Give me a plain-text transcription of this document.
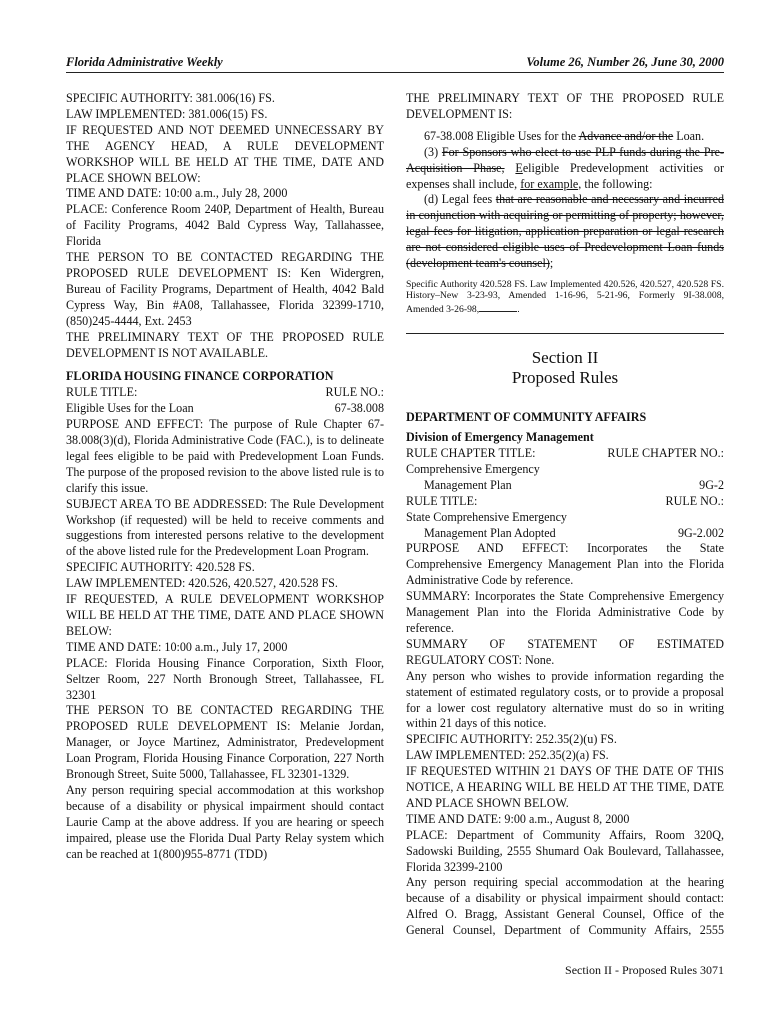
Florida Administrative Weekly	Volume 26, Number 26, June 30, 2000

SPECIFIC AUTHORITY: 381.006(16) FS.

LAW IMPLEMENTED: 381.006(15) FS.

IF REQUESTED AND NOT DEEMED UNNECESSARY BY THE AGENCY HEAD, A RULE DEVELOPMENT WORKSHOP WILL BE HELD AT THE TIME, DATE AND PLACE SHOWN BELOW:

TIME AND DATE: 10:00 a.m., July 28, 2000

PLACE: Conference Room 240P, Department of Health, Bureau of Facility Programs, 4042 Bald Cypress Way, Tallahassee, Florida

THE PERSON TO BE CONTACTED REGARDING THE PROPOSED RULE DEVELOPMENT IS: Ken Widergren, Bureau of Facility Programs, Department of Health, 4042 Bald Cypress Way, Bin #A08, Tallahassee, Florida 32399-1710, (850)245-4444, Ext. 2453

THE PRELIMINARY TEXT OF THE PROPOSED RULE DEVELOPMENT IS NOT AVAILABLE.

FLORIDA HOUSING FINANCE CORPORATION

RULE TITLE:	RULE NO.:
Eligible Uses for the Loan	67-38.008

PURPOSE AND EFFECT: The purpose of Rule Chapter 67-38.008(3)(d), Florida Administrative Code (FAC.), is to delineate legal fees eligible to be paid with Predevelopment Loan Funds. The purpose of the proposed revision to the above listed rule is to clarify this issue.

SUBJECT AREA TO BE ADDRESSED: The Rule Development Workshop (if requested) will be held to receive comments and suggestions from interested persons relative to the development of the above listed rule for the Predevelopment Loan Program.

SPECIFIC AUTHORITY: 420.528 FS.

LAW IMPLEMENTED: 420.526, 420.527, 420.528 FS.

IF REQUESTED, A RULE DEVELOPMENT WORKSHOP WILL BE HELD AT THE TIME, DATE AND PLACE SHOWN BELOW:

TIME AND DATE: 10:00 a.m., July 17, 2000

PLACE: Florida Housing Finance Corporation, Sixth Floor, Seltzer Room, 227 North Bronough Street, Tallahassee, FL 32301

THE PERSON TO BE CONTACTED REGARDING THE PROPOSED RULE DEVELOPMENT IS: Melanie Jordan, Manager, or Joyce Martinez, Administrator, Predevelopment Loan Program, Florida Housing Finance Corporation, 227 North Bronough Street, Suite 5000, Tallahassee, FL 32301-1329.

Any person requiring special accommodation at this workshop because of a disability or physical impairment should contact Laurie Camp at the above address. If you are hearing or speech impaired, please use the Florida Dual Party Relay system which can be reached at 1(800)955-8771 (TDD)

THE PRELIMINARY TEXT OF THE PROPOSED RULE DEVELOPMENT IS:

67-38.008 Eligible Uses for the Advance and/or the Loan.

(3) For Sponsors who elect to use PLP funds during the Pre-Acquisition Phase, Eeligible Predevelopment activities or expenses shall include, for example, the following:

(d) Legal fees that are reasonable and necessary and incurred in conjunction with acquiring or permitting of property; however, legal fees for litigation, application preparation or legal research are not considered eligible uses of Predevelopment Loan funds (development team's counsel);

Specific Authority 420.528 FS. Law Implemented 420.526, 420.527, 420.528 FS. History–New 3-23-93, Amended 1-16-96, 5-21-96, Formerly 9I-38.008, Amended 3-26-98,	.

Section II
Proposed Rules

DEPARTMENT OF COMMUNITY AFFAIRS

Division of Emergency Management

RULE CHAPTER TITLE:	RULE CHAPTER NO.:

Comprehensive Emergency

Management Plan	9G-2
RULE TITLE:	RULE NO.:

State Comprehensive Emergency

Management Plan Adopted	9G-2.002

PURPOSE AND EFFECT: Incorporates the State Comprehensive Emergency Management Plan into the Florida Administrative Code by reference.

SUMMARY: Incorporates the State Comprehensive Emergency Management Plan into the Florida Administrative Code by reference.

SUMMARY OF STATEMENT OF ESTIMATED REGULATORY COST: None.

Any person who wishes to provide information regarding the statement of estimated regulatory costs, or to provide a proposal for a lower cost regulatory alternative must do so in writing within 21 days of this notice.

SPECIFIC AUTHORITY: 252.35(2)(u) FS.

LAW IMPLEMENTED: 252.35(2)(a) FS.

IF REQUESTED WITHIN 21 DAYS OF THE DATE OF THIS NOTICE, A HEARING WILL BE HELD AT THE TIME, DATE AND PLACE SHOWN BELOW.

TIME AND DATE: 9:00 a.m., August 8, 2000

PLACE: Department of Community Affairs, Room 320Q, Sadowski Building, 2555 Shumard Oak Boulevard, Tallahassee, Florida 32399-2100

Any person requiring special accommodation at the hearing because of a disability or physical impairment should contact: Alfred O. Bragg, Assistant General Counsel, Office of the General Counsel, Department of Community Affairs, 2555

Section II - Proposed Rules 3071
